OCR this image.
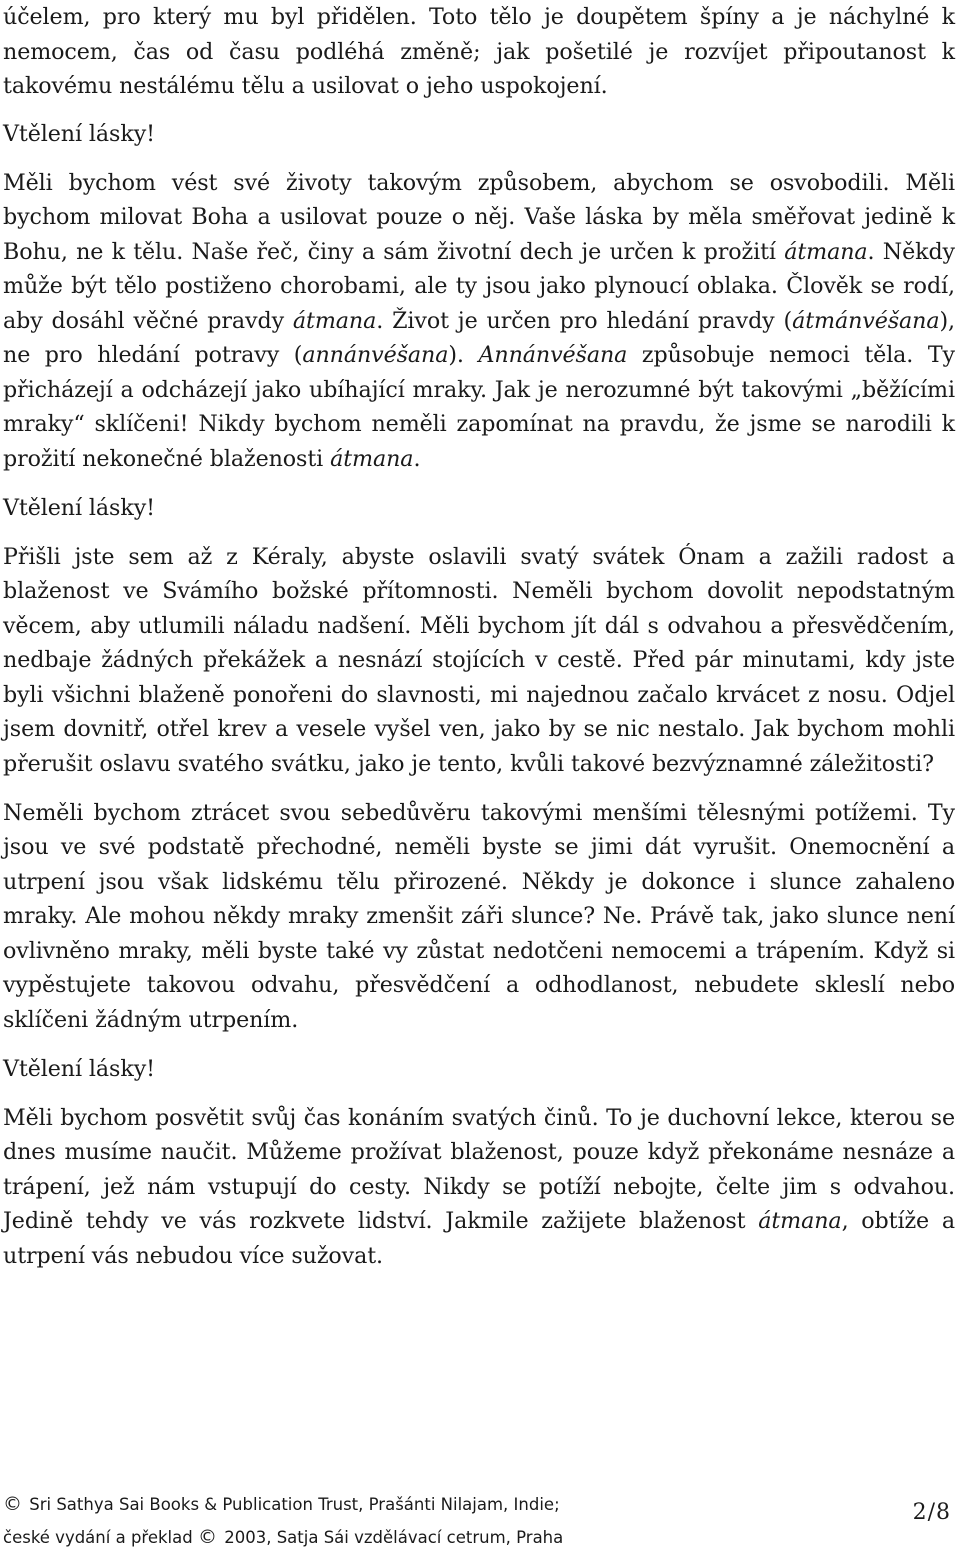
účelem, pro který mu byl přidělen. Toto tělo je doupětem špíny a je náchylné k nemocem, čas od času podléhá změně; jak pošetilé je rozvíjet připoutanost k takovému nestálému tělu a usilovat o jeho uspokojení.

Vtělení lásky!

Měli bychom vést své životy takovým způsobem, abychom se osvobodili. Měli bychom milovat Boha a usilovat pouze o něj. Vaše láska by měla směřovat jedině k Bohu, ne k tělu. Naše řeč, činy a sám životní dech je určen k prožití átmana. Někdy může být tělo postiženo chorobami, ale ty jsou jako plynoucí oblaka. Člověk se rodí, aby dosáhl věčné pravdy átmana. Život je určen pro hledání pravdy (átmánvéšana), ne pro hledání potravy (annánvéšana). Annánvéšana způsobuje nemoci těla. Ty přicházejí a odcházejí jako ubíhající mraky. Jak je nerozumné být takovými „běžícími mraky“ sklíčeni! Nikdy bychom neměli zapomínat na pravdu, že jsme se narodili k prožití nekonečné blaženosti átmana.

Vtělení lásky!

Přišli jste sem až z Kéraly, abyste oslavili svatý svátek Ónam a zažili radost a blaženost ve Svámího božské přítomnosti. Neměli bychom dovolit nepodstatným věcem, aby utlumili náladu nadšení. Měli bychom jít dál s odvahou a přesvědčením, nedbaje žádných překážek a nesnází stojících v cestě. Před pár minutami, kdy jste byli všichni blaženě ponořeni do slavnosti, mi najednou začalo krvácet z nosu. Odjel jsem dovnitř, otřel krev a vesele vyšel ven, jako by se nic nestalo. Jak bychom mohli přerušit oslavu svatého svátku, jako je tento, kvůli takové bezvýznamné záležitosti?

Neměli bychom ztrácet svou sebedůvěru takovými menšími tělesnými potížemi. Ty jsou ve své podstatě přechodné, neměli byste se jimi dát vyrušit. Onemocnění a utrpení jsou však lidskému tělu přirozené. Někdy je dokonce i slunce zahaleno mraky. Ale mohou někdy mraky zmenšit záři slunce? Ne. Právě tak, jako slunce není ovlivněno mraky, měli byste také vy zůstat nedotčeni nemocemi a trápením. Když si vypěstujete takovou odvahu, přesvědčení a odhodlanost, nebudete skleslí nebo sklíčeni žádným utrpením.

Vtělení lásky!

Měli bychom posvětit svůj čas konáním svatých činů. To je duchovní lekce, kterou se dnes musíme naučit. Můžeme prožívat blaženost, pouze když překonáme nesnáze a trápení, jež nám vstupují do cesty. Nikdy se potíží nebojte, čelte jim s odvahou. Jedině tehdy ve vás rozkvete lidství. Jakmile zažijete blaženost átmana, obtíže a utrpení vás nebudou více sužovat.

© Sri Sathya Sai Books & Publication Trust, Prašánti Nilajam, Indie;
české vydání a překlad © 2003, Satja Sái vzdělávací cetrum, Praha
2/8
